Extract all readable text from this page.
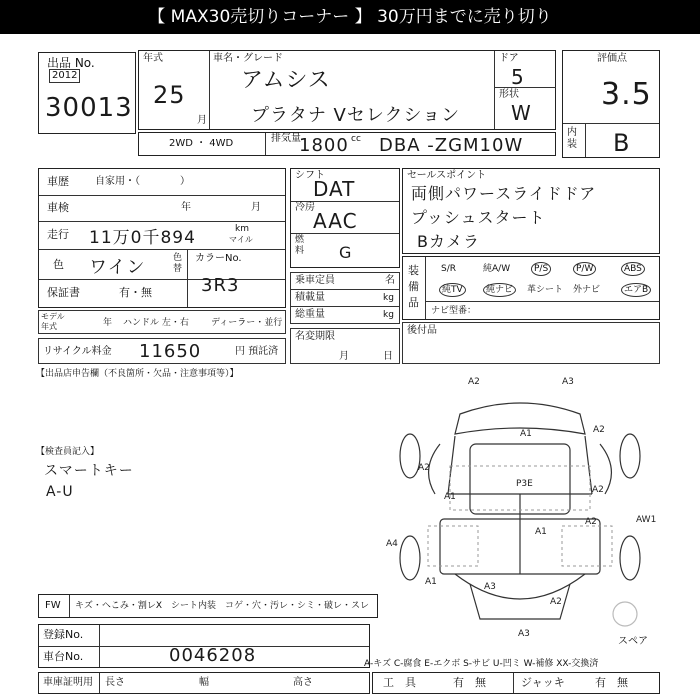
【 MAX30売切りコーナー 】 30万円までに売り切り
出品 No.
2012
30013
年式
25
月
車名・グレード
アムシス
プラタナ Vセレクション
ドア
5
形状
W
評価点
3.5
内装 B
2WD ・ 4WD	排気量	cc
1800 DBA -ZGM10W
車歴	自家用・（　　　　）
車検	年	月
走行 11万0千894	km
マイル
色 ワイン	色替
カラーNo.
3R3
保証書	有・無
モデル年式	年 ハンドル 左・右 ディーラー・並行
リサイクル料金 11650	円 預託済
シフト
DAT
冷房
AAC
燃料 G
乗車定員	名
積載量	kg
総重量	kg
名変期限
月	日
セールスポイント
両側パワースライドドア
プッシュスタート
Bカメラ
装備品
S/R	純A/W	P/S	P/W	ABS
純TV	純ナビ	革シート 外ナビ	エアB
ナビ型番：
後付品
【出品店申告欄（不良箇所・欠品・注意事項等）】
【検査員記入】
スマートキー
A-U
A2	A3
A1	A2
A1
A2
P3E
A2
A1
A4
AW1
A2
A3
A3
A2
A1
スペア
FW キズ・ヘこみ・割レX　シート内装　コゲ・穴・汚レ・シミ・破レ・スレ
登録No.
車台No.	0046208	A-キズ C-腐食 E-エクボ S-サビ U-凹ミ W-補修 XX-交換済
車庫証明用 長さ	幅	高さ	工　具	有　無	ジャッキ	有　無
